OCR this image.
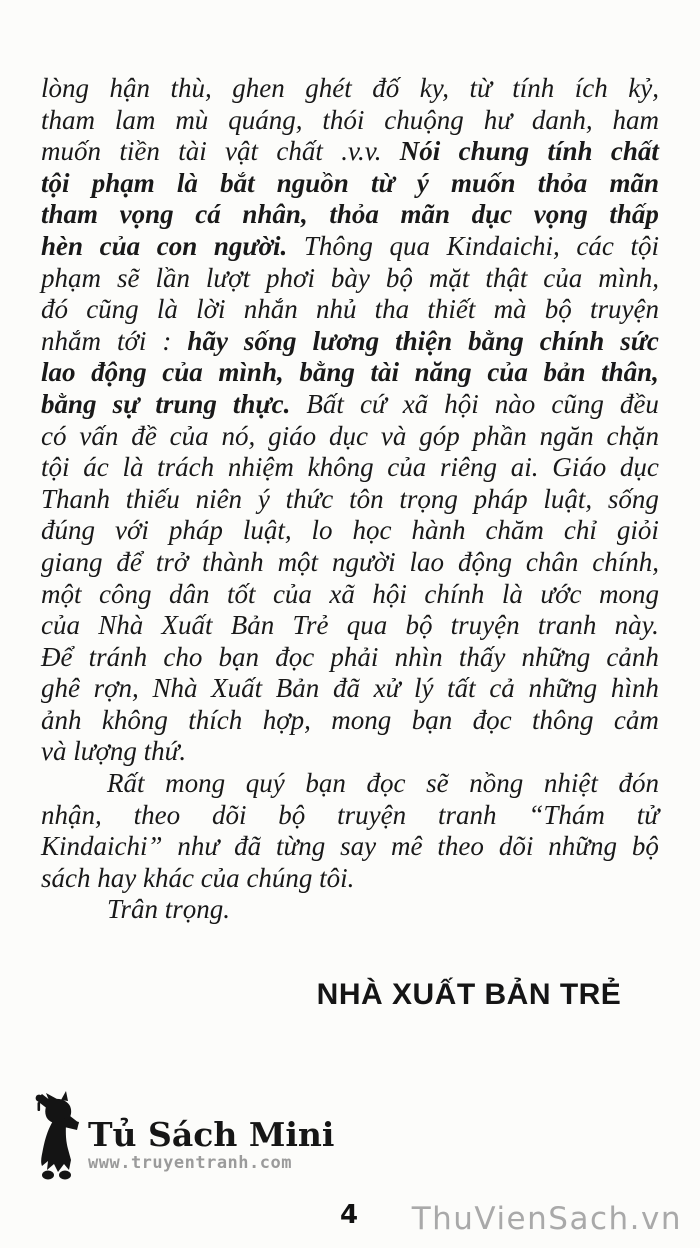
lòng hận thù, ghen ghét đố ky, từ tính ích kỷ,
tham lam mù quáng, thói chuộng hư danh, ham
muốn tiền tài vật chất .v.v. Nói chung tính chất
tội phạm là bắt nguồn từ ý muốn thỏa mãn
tham vọng cá nhân, thỏa mãn dục vọng thấp
hèn của con người. Thông qua Kindaichi, các tội
phạm sẽ lần lượt phơi bày bộ mặt thật của mình,
đó cũng là lời nhắn nhủ tha thiết mà bộ truyện
nhắm tới : hãy sống lương thiện bằng chính sức
lao động của mình, bằng tài năng của bản thân,
bằng sự trung thực. Bất cứ xã hội nào cũng đều
có vấn đề của nó, giáo dục và góp phần ngăn chặn
tội ác là trách nhiệm không của riêng ai. Giáo dục
Thanh thiếu niên ý thức tôn trọng pháp luật, sống
đúng với pháp luật, lo học hành chăm chỉ giỏi
giang để trở thành một người lao động chân chính,
một công dân tốt của xã hội chính là ước mong
của Nhà Xuất Bản Trẻ qua bộ truyện tranh này.
Để tránh cho bạn đọc phải nhìn thấy những cảnh
ghê rợn, Nhà Xuất Bản đã xử lý tất cả những hình
ảnh không thích hợp, mong bạn đọc thông cảm
và lượng thứ.
Rất mong quý bạn đọc sẽ nồng nhiệt đón
nhận, theo dõi bộ truyện tranh “Thám tử
Kindaichi” như đã từng say mê theo dõi những bộ
sách hay khác của chúng tôi.
Trân trọng.
NHÀ XUẤT BẢN TRẺ
Tủ Sách Mini
www.truyentranh.com
4 ThuVienSach.vn
